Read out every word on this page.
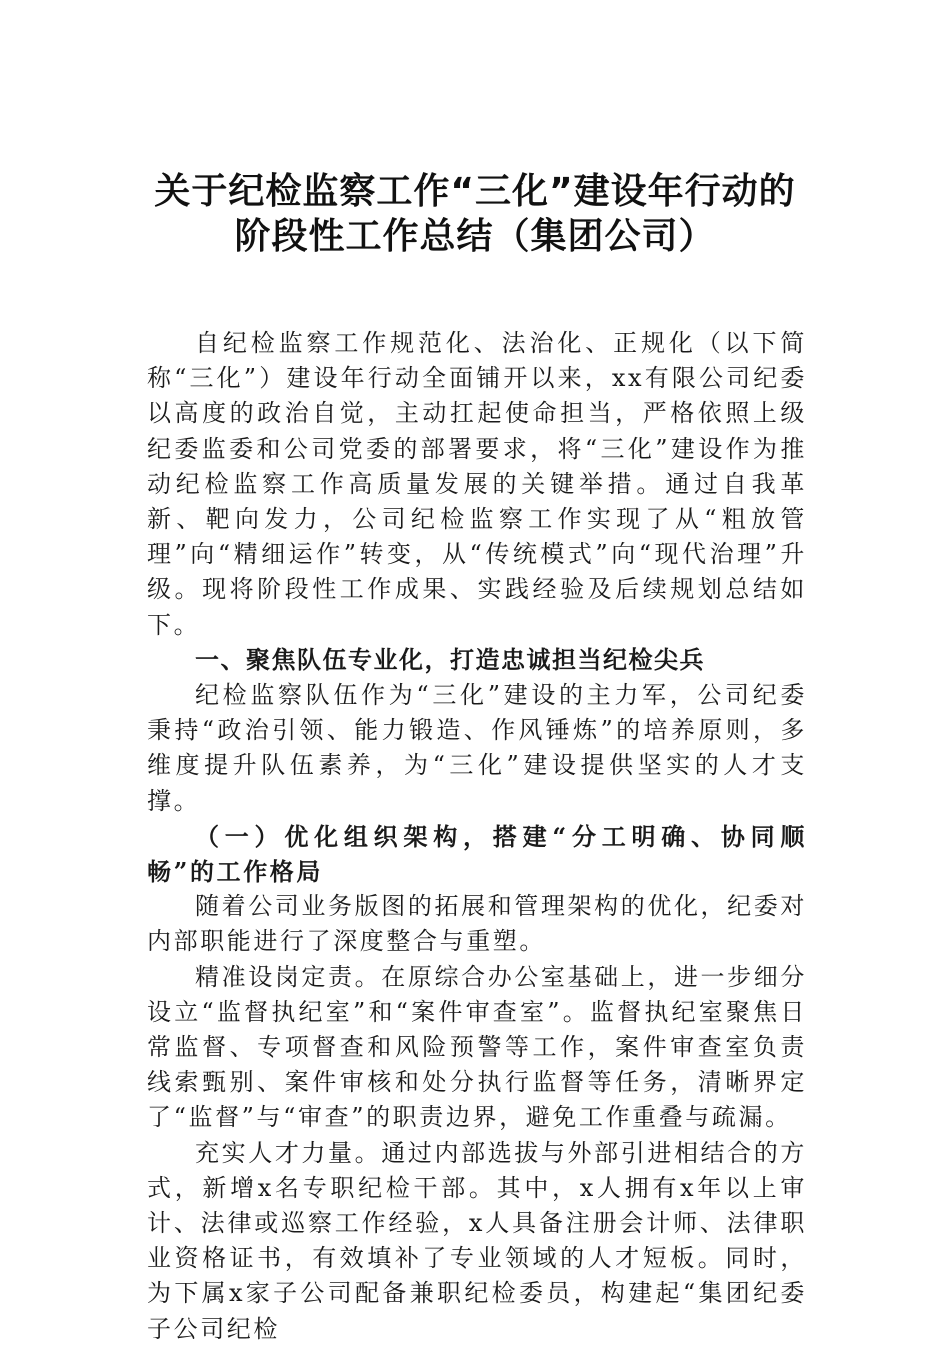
关于纪检监察工作“三化”建设年行动的
阶段性工作总结（集团公司）

自纪检监察工作规范化、法治化、正规化（以下简称“三化”）建设年行动全面铺开以来，xx有限公司纪委以高度的政治自觉，主动扛起使命担当，严格依照上级纪委监委和公司党委的部署要求，将“三化”建设作为推动纪检监察工作高质量发展的关键举措。通过自我革新、靶向发力，公司纪检监察工作实现了从“粗放管理”向“精细运作”转变，从“传统模式”向“现代治理”升级。现将阶段性工作成果、实践经验及后续规划总结如下。

一、聚焦队伍专业化，打造忠诚担当纪检尖兵

纪检监察队伍作为“三化”建设的主力军，公司纪委秉持“政治引领、能力锻造、作风锤炼”的培养原则，多维度提升队伍素养，为“三化”建设提供坚实的人才支撑。

（一）优化组织架构，搭建“分工明确、协同顺畅”的工作格局

随着公司业务版图的拓展和管理架构的优化，纪委对内部职能进行了深度整合与重塑。

精准设岗定责。在原综合办公室基础上，进一步细分设立“监督执纪室”和“案件审查室”。监督执纪室聚焦日常监督、专项督查和风险预警等工作，案件审查室负责线索甄别、案件审核和处分执行监督等任务，清晰界定了“监督”与“审查”的职责边界，避免工作重叠与疏漏。

充实人才力量。通过内部选拔与外部引进相结合的方式，新增x名专职纪检干部。其中，x人拥有x年以上审计、法律或巡察工作经验，x人具备注册会计师、法律职业资格证书，有效填补了专业领域的人才短板。同时，为下属x家子公司配备兼职纪检委员，构建起“集团纪委子公司纪检
